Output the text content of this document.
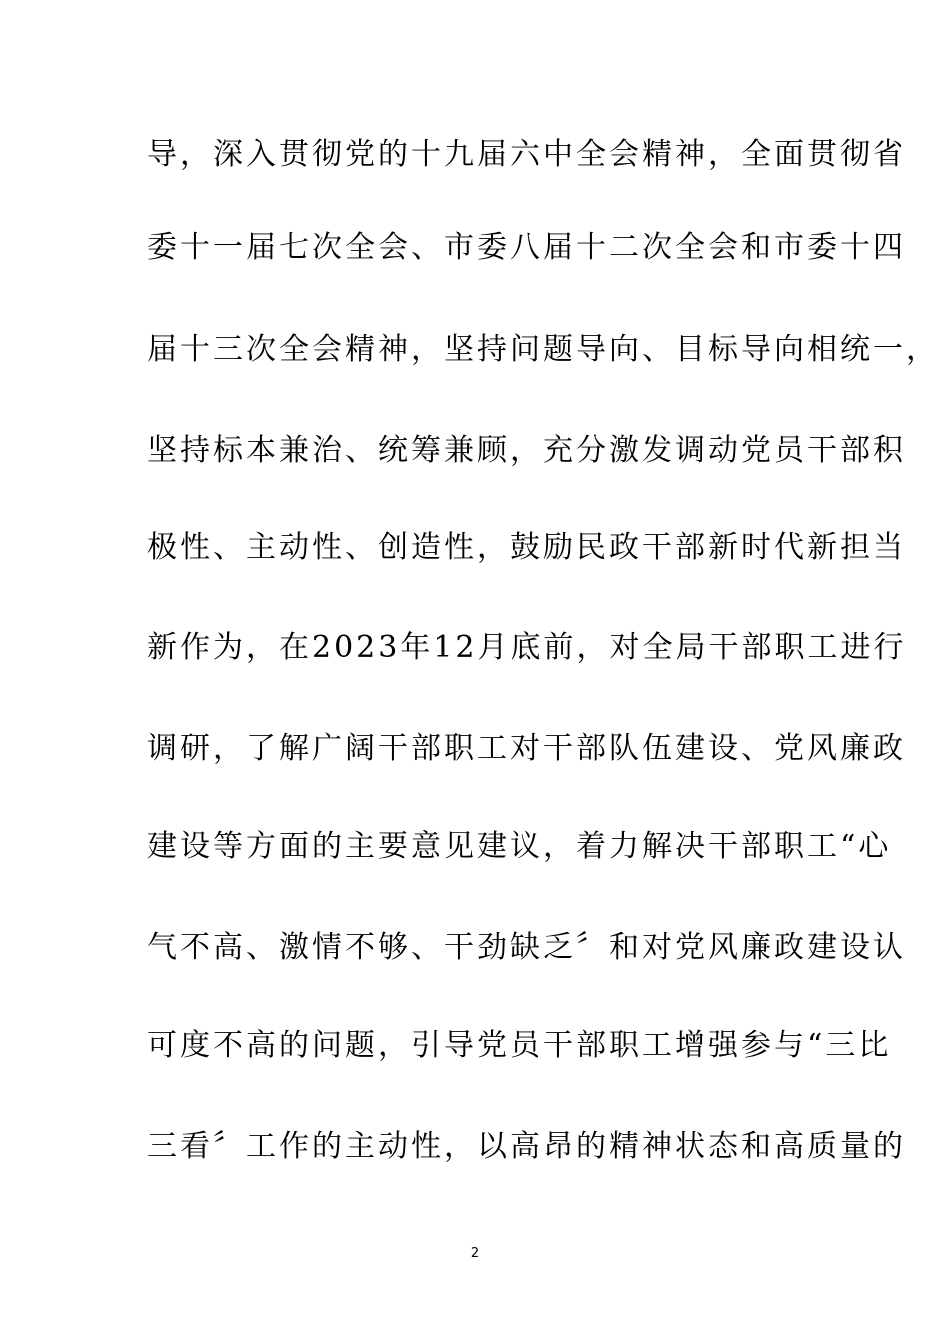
导，深入贯彻党的十九届六中全会精神，全面贯彻省
委十一届七次全会、市委八届十二次全会和市委十四
届十三次全会精神，坚持问题导向、目标导向相统一，
坚持标本兼治、统筹兼顾，充分激发调动党员干部积
极性、主动性、创造性，鼓励民政干部新时代新担当
新作为，在2023年12月底前，对全局干部职工进行
调研，了解广阔干部职工对干部队伍建设、党风廉政
建设等方面的主要意见建议，着力解决干部职工“心
气不高、激情不够、干劲缺乏〞和对党风廉政建设认
可度不高的问题，引导党员干部职工增强参与“三比
三看〞工作的主动性，以高昂的精神状态和高质量的
2
